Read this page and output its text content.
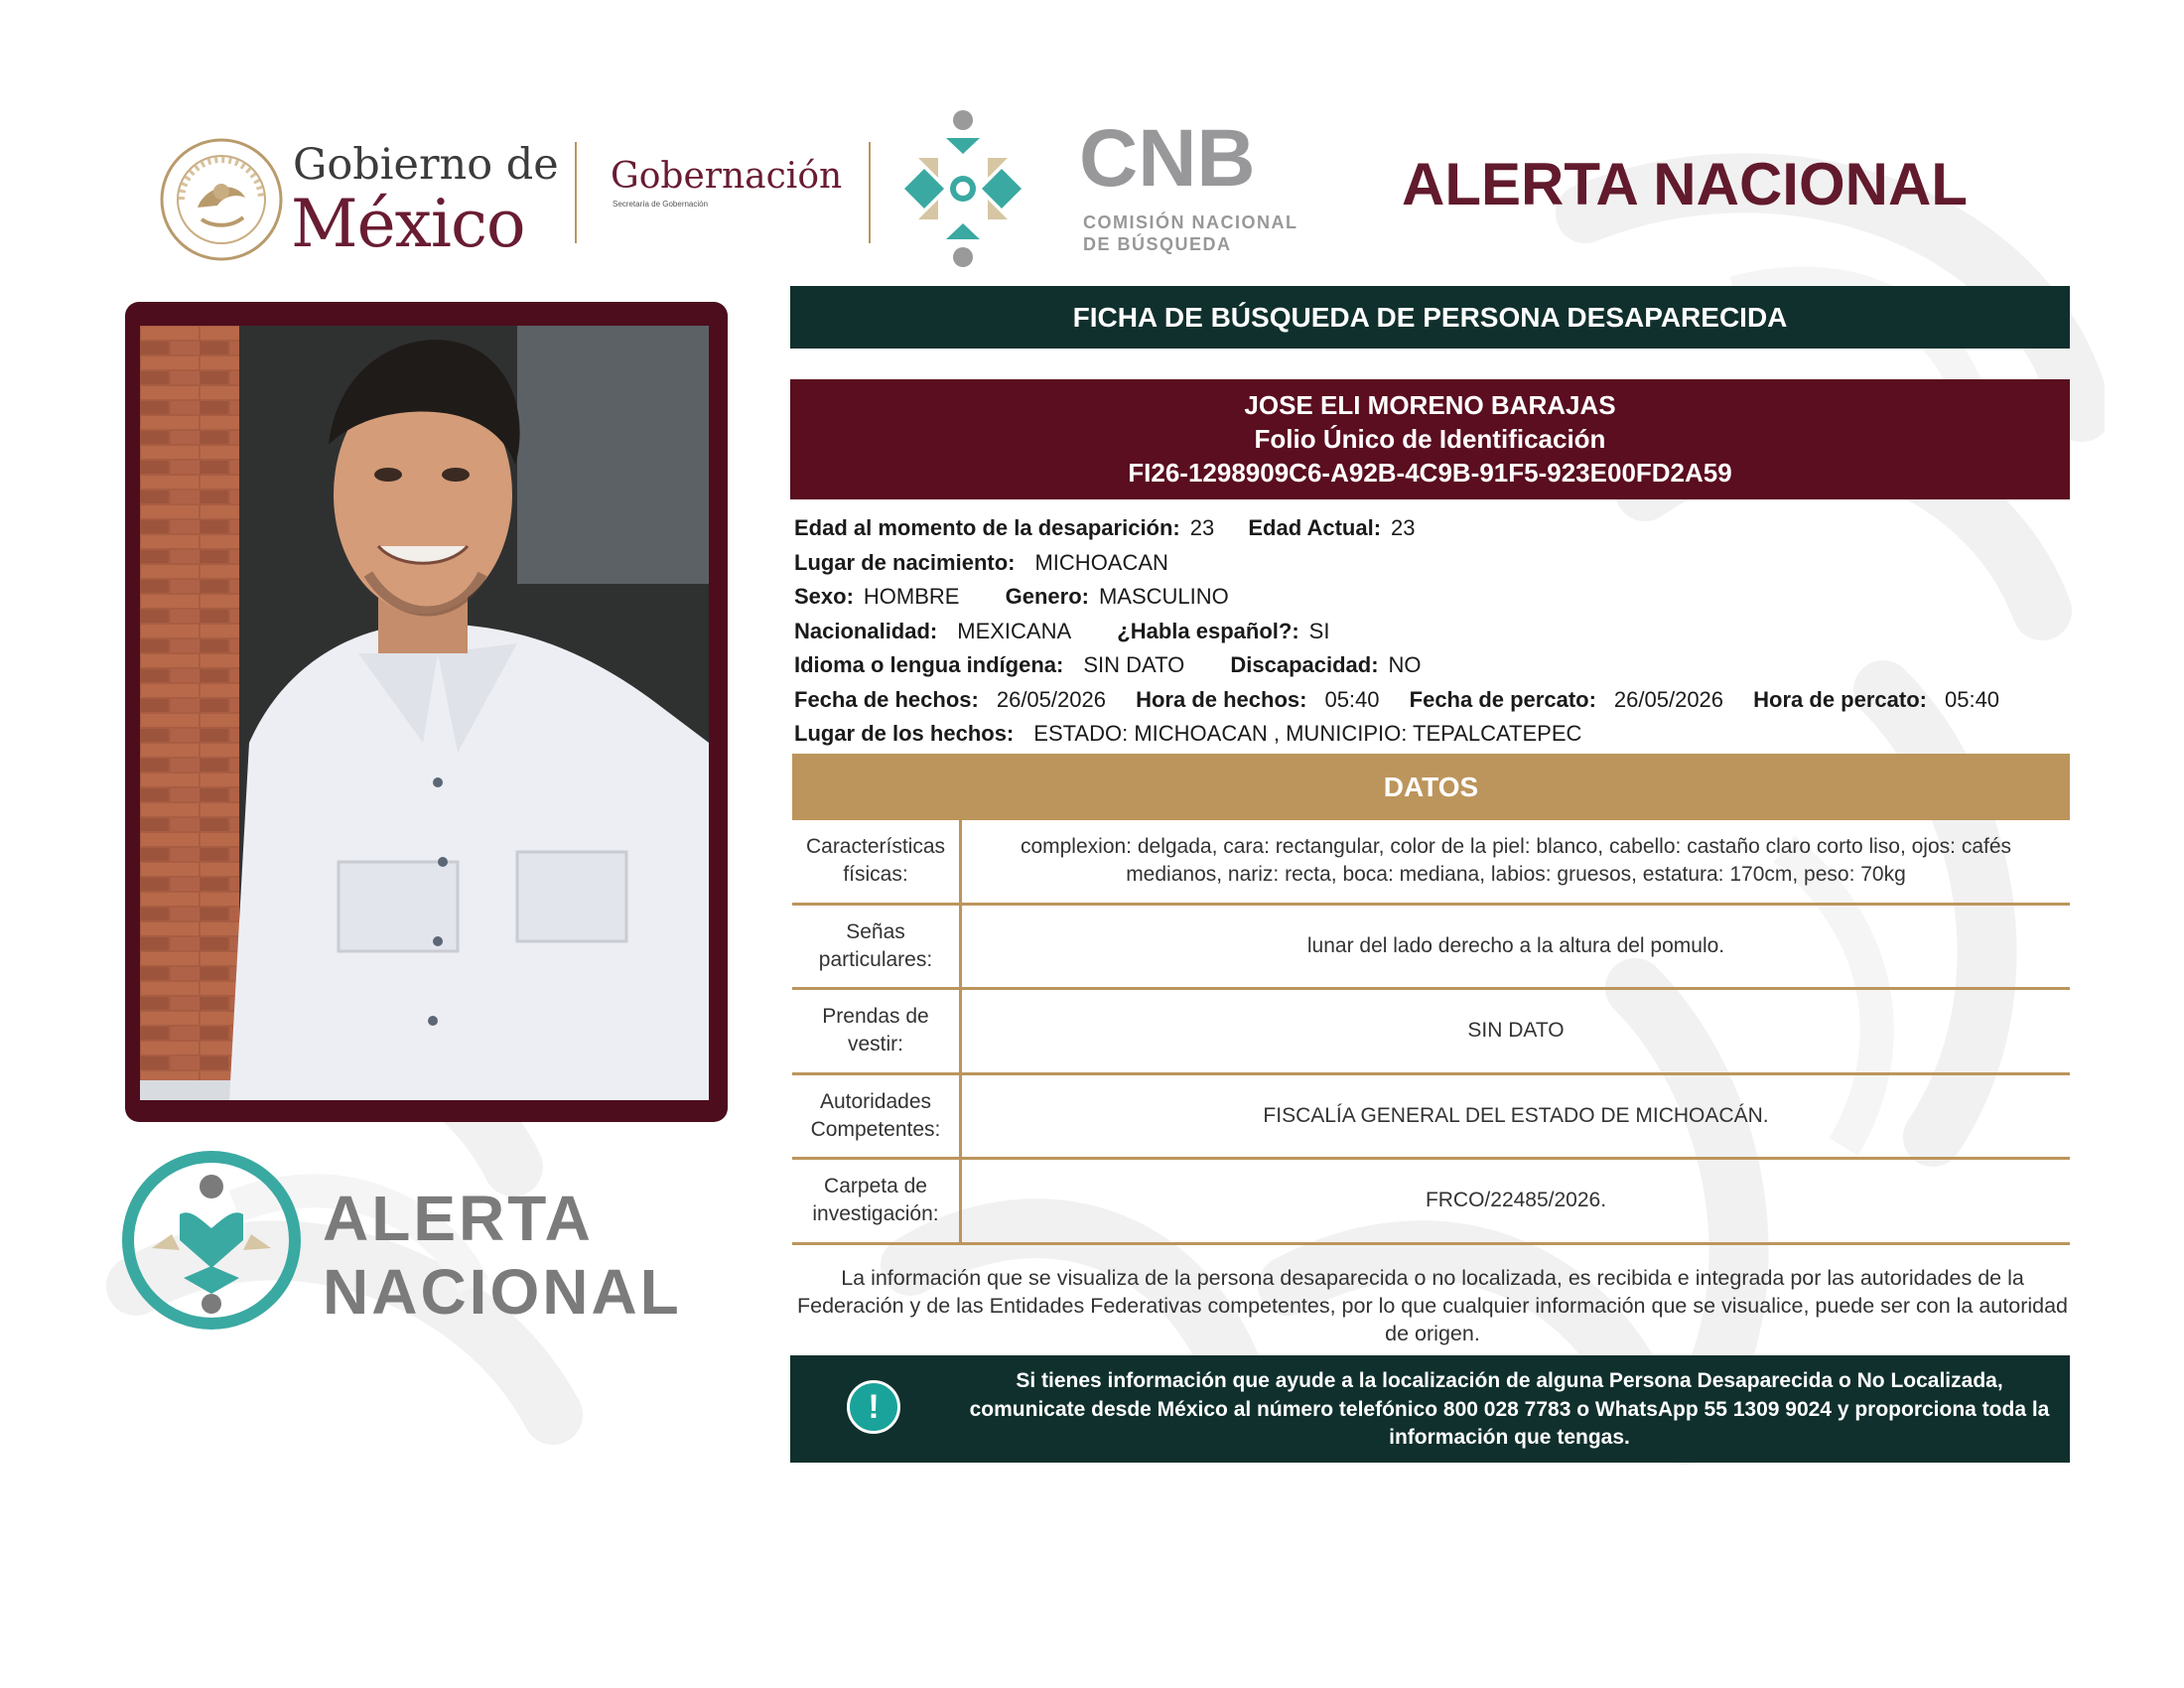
Gobierno de
México
Gobernación
Secretaría de Gobernación
CNB
COMISIÓN NACIONAL
DE BÚSQUEDA
ALERTA NACIONAL
ALERTA
NACIONAL
FICHA DE BÚSQUEDA DE PERSONA DESAPARECIDA
JOSE ELI MORENO BARAJAS
Folio Único de Identificación
FI26-1298909C6-A92B-4C9B-91F5-923E00FD2A59
Edad al momento de la desaparición: 23 Edad Actual: 23
Lugar de nacimiento: MICHOACAN
Sexo: HOMBRE Genero: MASCULINO
Nacionalidad: MEXICANA ¿Habla español?: SI
Idioma o lengua indígena: SIN DATO Discapacidad: NO
Fecha de hechos: 26/05/2026 Hora de hechos: 05:40 Fecha de percato: 26/05/2026 Hora de percato: 05:40
Lugar de los hechos: ESTADO: MICHOACAN , MUNICIPIO: TEPALCATEPEC
DATOS
Características físicas:
complexion: delgada, cara: rectangular, color de la piel: blanco, cabello: castaño claro corto liso, ojos: cafés medianos, nariz: recta, boca: mediana, labios: gruesos, estatura: 170cm, peso: 70kg
Señas particulares:
lunar del lado derecho a la altura del pomulo.
Prendas de vestir:
SIN DATO
Autoridades Competentes:
FISCALÍA GENERAL DEL ESTADO DE MICHOACÁN.
Carpeta de investigación:
FRCO/22485/2026.
La información que se visualiza de la persona desaparecida o no localizada, es recibida e integrada por las autoridades de la Federación y de las Entidades Federativas competentes, por lo que cualquier información que se visualice, puede ser con la autoridad de origen.
!
Si tienes información que ayude a la localización de alguna Persona Desaparecida o No Localizada, comunicate desde México al número telefónico 800 028 7783 o WhatsApp 55 1309 9024 y proporciona toda la información que tengas.
